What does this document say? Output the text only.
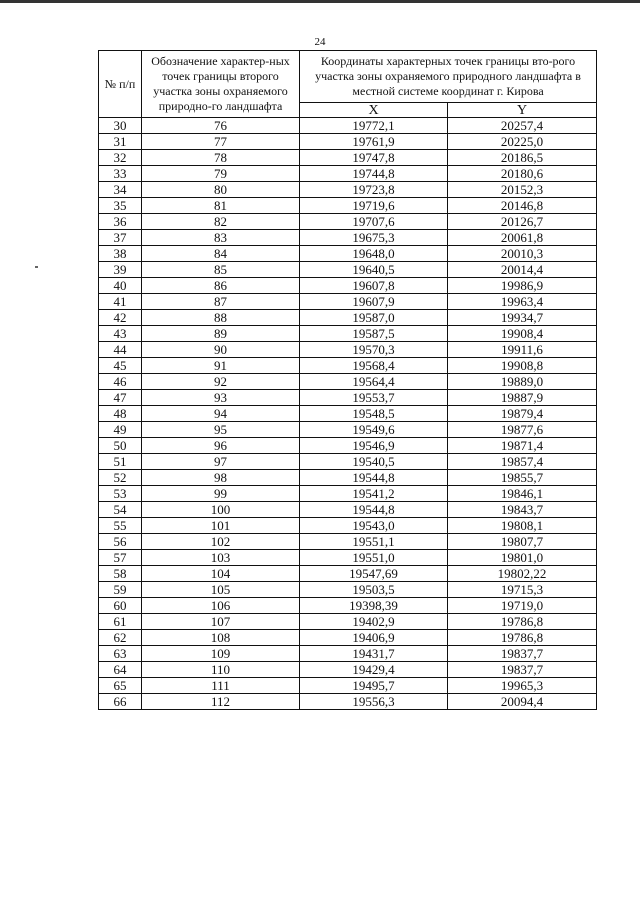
24
№ п/п	Обозначение характер-ных точек границы второго участка зоны охраняемого природно-го ландшафта	Координаты характерных точек границы вто-рого участка зоны охраняемого природного ландшафта в местной системе координат г. Кирова	
		X	Y
30	76	19772,1	20257,4
31	77	19761,9	20225,0
32	78	19747,8	20186,5
33	79	19744,8	20180,6
34	80	19723,8	20152,3
35	81	19719,6	20146,8
36	82	19707,6	20126,7
37	83	19675,3	20061,8
38	84	19648,0	20010,3
39	85	19640,5	20014,4
40	86	19607,8	19986,9
41	87	19607,9	19963,4
42	88	19587,0	19934,7
43	89	19587,5	19908,4
44	90	19570,3	19911,6
45	91	19568,4	19908,8
46	92	19564,4	19889,0
47	93	19553,7	19887,9
48	94	19548,5	19879,4
49	95	19549,6	19877,6
50	96	19546,9	19871,4
51	97	19540,5	19857,4
52	98	19544,8	19855,7
53	99	19541,2	19846,1
54	100	19544,8	19843,7
55	101	19543,0	19808,1
56	102	19551,1	19807,7
57	103	19551,0	19801,0
58	104	19547,69	19802,22
59	105	19503,5	19715,3
60	106	19398,39	19719,0
61	107	19402,9	19786,8
62	108	19406,9	19786,8
63	109	19431,7	19837,7
64	110	19429,4	19837,7
65	111	19495,7	19965,3
66	112	19556,3	20094,4
